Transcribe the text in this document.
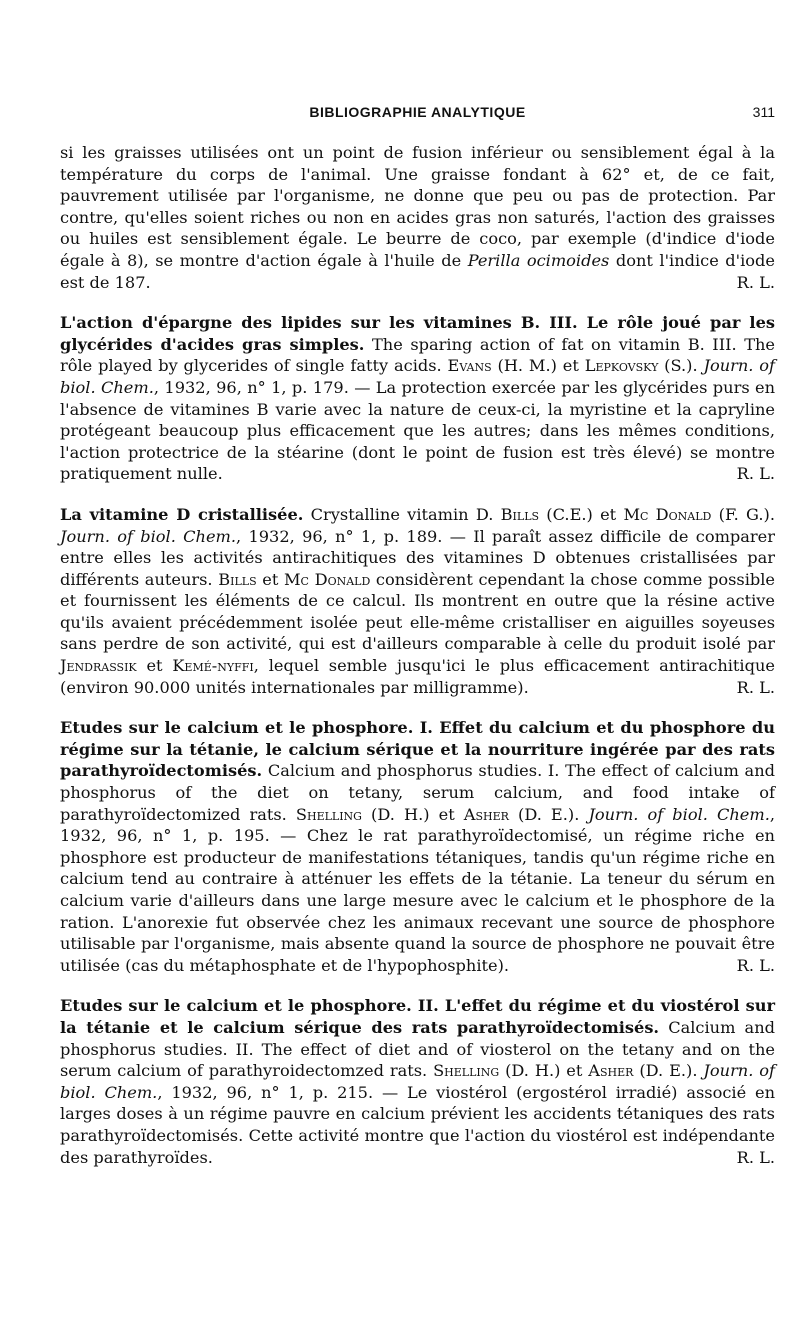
BIBLIOGRAPHIE ANALYTIQUE	311

si les graisses utilisées ont un point de fusion inférieur ou sensiblement égal à la température du corps de l'animal. Une graisse fondant à 62° et, de ce fait, pauvrement utilisée par l'organisme, ne donne que peu ou pas de protection. Par contre, qu'elles soient riches ou non en acides gras non saturés, l'action des graisses ou huiles est sensiblement égale. Le beurre de coco, par exemple (d'indice d'iode égale à 8), se montre d'action égale à l'huile de Perilla ocimoides dont l'indice d'iode est de 187.	R. L.

L'action d'épargne des lipides sur les vitamines B. III. Le rôle joué par les glycérides d'acides gras simples. The sparing action of fat on vitamin B. III. The rôle played by glycerides of single fatty acids. Evans (H. M.) et Lepkovsky (S.). Journ. of biol. Chem., 1932, 96, n° 1, p. 179. — La protection exercée par les glycérides purs en l'absence de vitamines B varie avec la nature de ceux-ci, la myristine et la capryline protégeant beaucoup plus efficacement que les autres; dans les mêmes conditions, l'action protectrice de la stéarine (dont le point de fusion est très élevé) se montre pratiquement nulle.	R. L.

La vitamine D cristallisée. Crystalline vitamin D. Bills (C.E.) et Mc Donald (F. G.). Journ. of biol. Chem., 1932, 96, n° 1, p. 189. — Il paraît assez difficile de comparer entre elles les activités antirachitiques des vitamines D obtenues cristallisées par différents auteurs. Bills et Mc Donald considèrent cependant la chose comme possible et fournissent les éléments de ce calcul. Ils montrent en outre que la résine active qu'ils avaient précédemment isolée peut elle-même cristalliser en aiguilles soyeuses sans perdre de son activité, qui est d'ailleurs comparable à celle du produit isolé par Jendrassik et Kemé-nyffi, lequel semble jusqu'ici le plus efficacement antirachitique (environ 90.000 unités internationales par milligramme).	R. L.

Etudes sur le calcium et le phosphore. I. Effet du calcium et du phosphore du régime sur la tétanie, le calcium sérique et la nourriture ingérée par des rats parathyroïdectomisés. Calcium and phosphorus studies. I. The effect of calcium and phosphorus of the diet on tetany, serum calcium, and food intake of parathyroïdectomized rats. Shelling (D. H.) et Asher (D. E.). Journ. of biol. Chem., 1932, 96, n° 1, p. 195. — Chez le rat parathyroïdectomisé, un régime riche en phosphore est producteur de manifestations tétaniques, tandis qu'un régime riche en calcium tend au contraire à atténuer les effets de la tétanie. La teneur du sérum en calcium varie d'ailleurs dans une large mesure avec le calcium et le phosphore de la ration. L'anorexie fut observée chez les animaux recevant une source de phosphore utilisable par l'organisme, mais absente quand la source de phosphore ne pouvait être utilisée (cas du métaphosphate et de l'hypophosphite).	R. L.

Etudes sur le calcium et le phosphore. II. L'effet du régime et du viostérol sur la tétanie et le calcium sérique des rats parathyroïdectomisés. Calcium and phosphorus studies. II. The effect of diet and of viosterol on the tetany and on the serum calcium of parathyroidectomzed rats. Shelling (D. H.) et Asher (D. E.). Journ. of biol. Chem., 1932, 96, n° 1, p. 215. — Le viostérol (ergostérol irradié) associé en larges doses à un régime pauvre en calcium prévient les accidents tétaniques des rats parathyroïdectomisés. Cette activité montre que l'action du viostérol est indépendante des parathyroïdes.	R. L.
